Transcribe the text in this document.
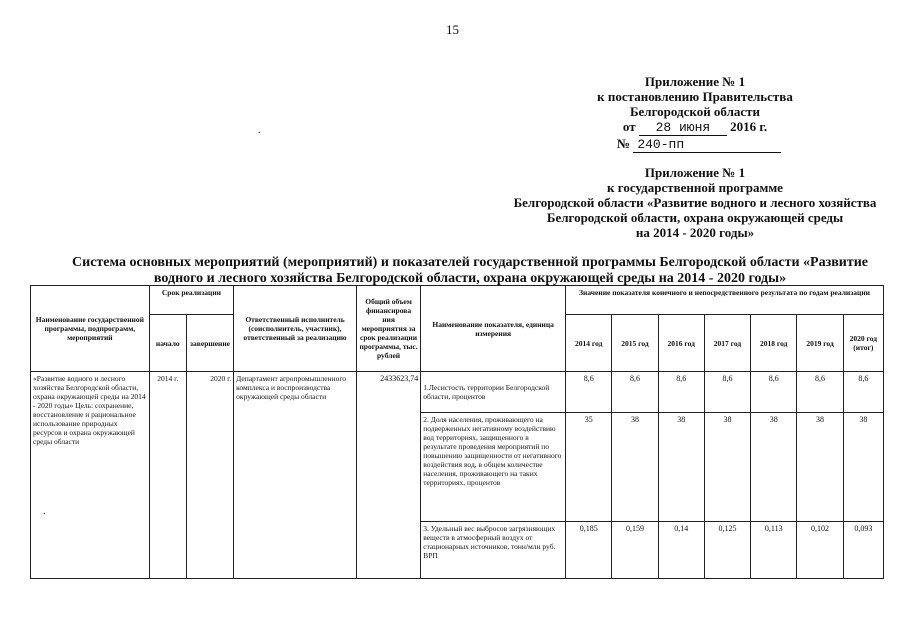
15
.
Приложение № 1
к постановлению Правительства
Белгородской области
от 28 июня 2016 г.
№ 240-пп
Приложение № 1
к государственной программе
Белгородской области «Развитие водного и лесного хозяйства
Белгородской области, охрана окружающей среды
на 2014 - 2020 годы»
Система основных мероприятий (мероприятий) и показателей государственной программы Белгородской области «Развитие водного и лесного хозяйства Белгородской области, охрана окружающей среды на 2014 - 2020 годы»
Наименование государственной программы, подпрограмм, мероприятий	Срок реализации		Ответственный исполнитель (соисполнитель, участник), ответственный за реализацию	Общий объем финансирова ния мероприятия за срок реализации программы, тыс. рублей	Наименование показателя, единица измерения	Значение показателя конечного и непосредственного результата по годам реализации						
	начало	завершение				2014 год	2015 год	2016 год	2017 год	2018 год	2019 год	2020 год (итог)
«Развитие водного и лесного хозяйства Белгородской области, охрана окружающей среды на 2014 - 2020 годы» Цель: сохранение, восстановление и рациональное использование природных ресурсов и охрана окружающей среды области	2014 г.	2020 г.	Департамент агропромышленного комплекса и воспроизводства окружающей среды области	2433623,74	1.Лесистость территории Белгородской области, процентов	8,6	8,6	8,6	8,6	8,6	8,6	8,6
					2. Доля населения, проживающего на подверженных негативному воздействию вод территориях, защищенного в результате проведения мероприятий по повышению защищенности от негативного воздействия вод, в общем количестве населения, проживающего на таких территориях, процентов	35	38	38	38	38	38	38
					3. Удельный вес выбросов загрязняющих веществ в атмосферный воздух от стационарных источников, тонн/млн руб. ВРП	0,185	0,159	0,14	0,125	0,113	0,102	0,093
.
